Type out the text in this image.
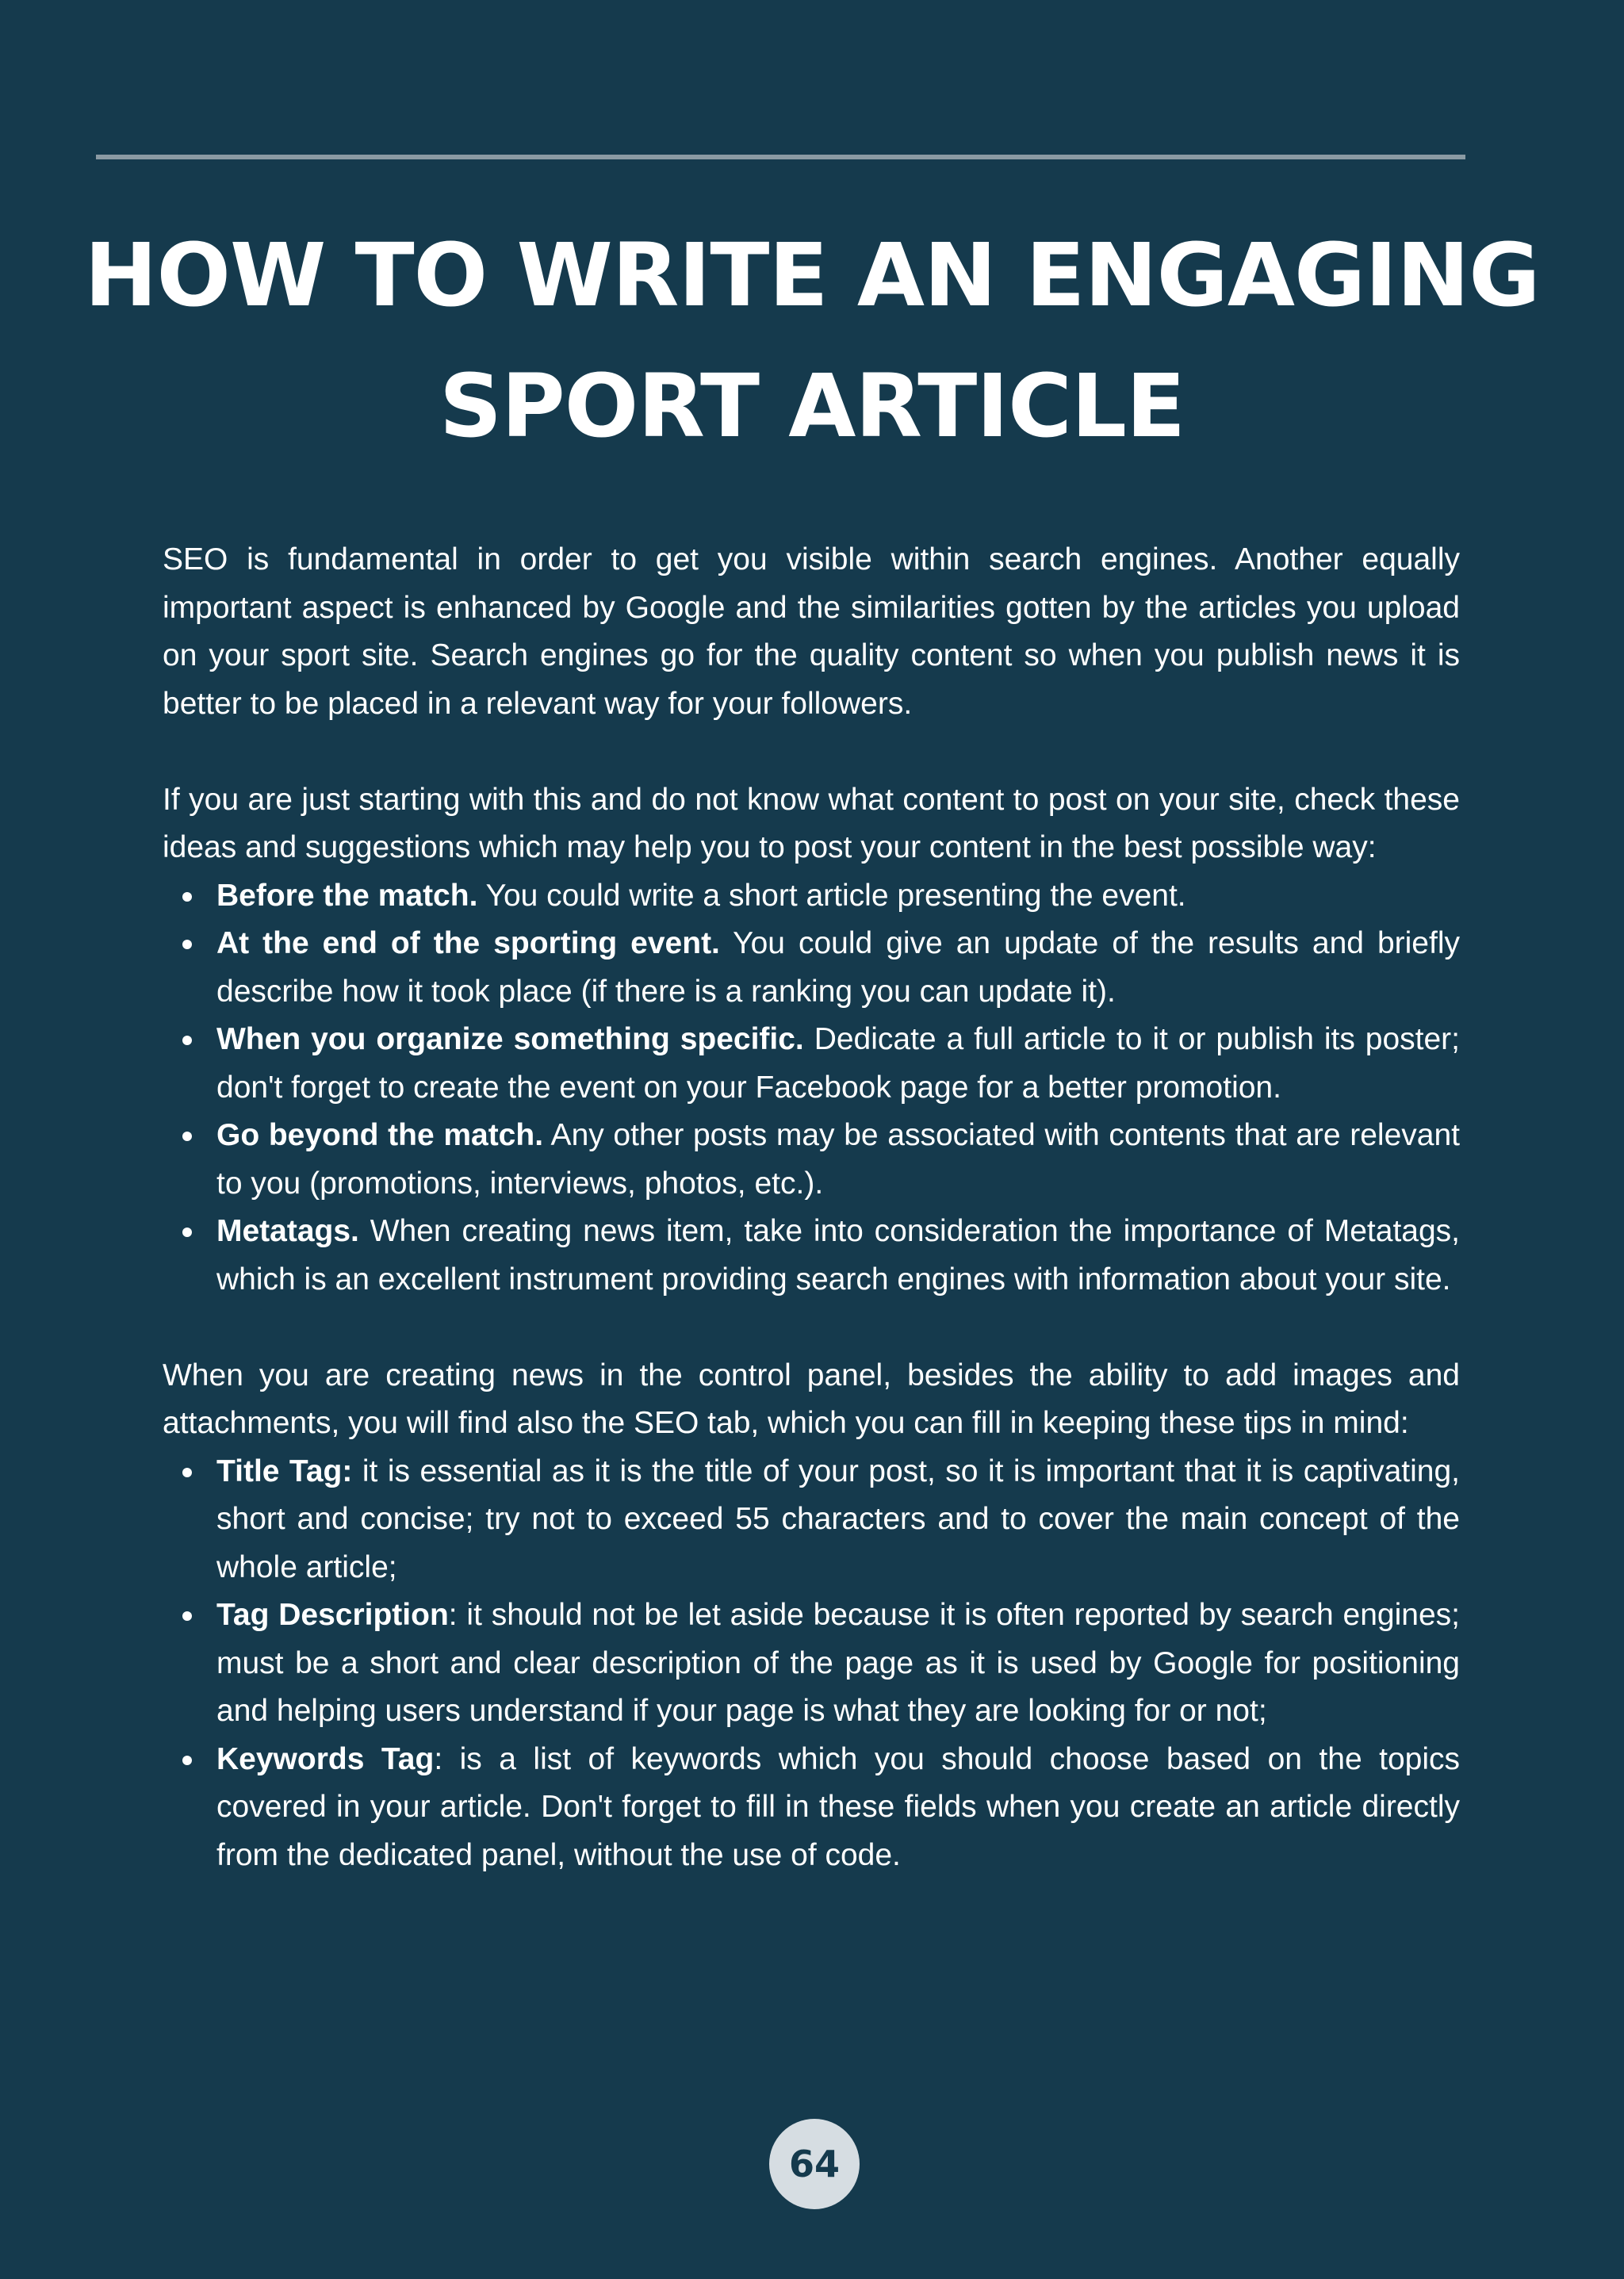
HOW TO WRITE AN ENGAGING
SPORT ARTICLE

SEO is fundamental in order to get you visible within search engines. Another equally important aspect is enhanced by Google and the similarities gotten by the articles you upload on your sport site. Search engines go for the quality content so when you publish news it is better to be placed in a relevant way for your followers.

If you are just starting with this and do not know what content to post on your site, check these ideas and suggestions which may help you to post your content in the best possible way:

Before the match. You could write a short article presenting the event.
At the end of the sporting event. You could give an update of the results and briefly describe how it took place (if there is a ranking you can update it).
When you organize something specific. Dedicate a full article to it or publish its poster; don't forget to create the event on your Facebook page for a better promotion.
Go beyond the match. Any other posts may be associated with contents that are relevant to you (promotions, interviews, photos, etc.).
Metatags. When creating news item, take into consideration the importance of Metatags, which is an excellent instrument providing search engines with information about your site.

When you are creating news in the control panel, besides the ability to add images and attachments, you will find also the SEO tab, which you can fill in keeping these tips in mind:

Title Tag: it is essential as it is the title of your post, so it is important that it is captivating, short and concise; try not to exceed 55 characters and to cover the main concept of the whole article;
Tag Description: it should not be let aside because it is often reported by search engines; must be a short and clear description of the page as it is used by Google for positioning and helping users understand if your page is what they are looking for or not;
Keywords Tag: is a list of keywords which you should choose based on the topics covered in your article. Don't forget to fill in these fields when you create an article directly from the dedicated panel, without the use of code.
64
